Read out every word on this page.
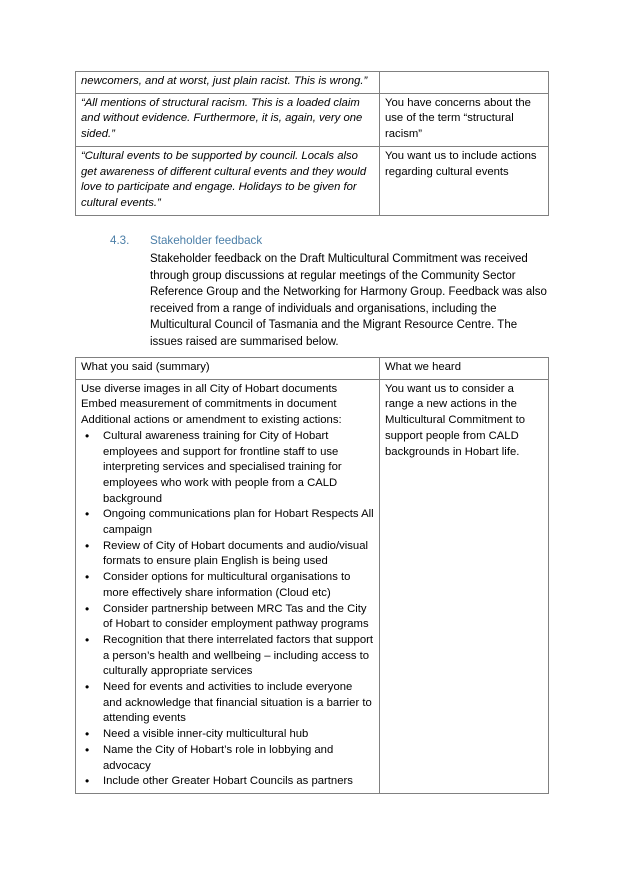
newcomers, and at worst, just plain racist. This is wrong.”	
“All mentions of structural racism. This is a loaded claim and without evidence. Furthermore, it is, again, very one sided.”	You have concerns about the use of the term “structural racism”
“Cultural events to be supported by council. Locals also get awareness of different cultural events and they would love to participate and engage. Holidays to be given for cultural events.”	You want us to include actions regarding cultural events
4.3. Stakeholder feedback

Stakeholder feedback on the Draft Multicultural Commitment was received through group discussions at regular meetings of the Community Sector Reference Group and the Networking for Harmony Group. Feedback was also received from a range of individuals and organisations, including the Multicultural Council of Tasmania and the Migrant Resource Centre. The issues raised are summarised below.

What you said (summary)	What we heard

Use diverse images in all City of Hobart documents
Embed measurement of commitments in document
Additional actions or amendment to existing actions:
• Cultural awareness training for City of Hobart employees and support for frontline staff to use interpreting services and specialised training for employees who work with people from a CALD background
• Ongoing communications plan for Hobart Respects All campaign
• Review of City of Hobart documents and audio/visual formats to ensure plain English is being used
• Consider options for multicultural organisations to more effectively share information (Cloud etc)
• Consider partnership between MRC Tas and the City of Hobart to consider employment pathway programs
• Recognition that there interrelated factors that support a person’s health and wellbeing – including access to culturally appropriate services
• Need for events and activities to include everyone and acknowledge that financial situation is a barrier to attending events
• Need a visible inner-city multicultural hub
• Name the City of Hobart’s role in lobbying and advocacy
• Include other Greater Hobart Councils as partners
	You want us to consider a range a new actions in the Multicultural Commitment to support people from CALD backgrounds in Hobart life.
